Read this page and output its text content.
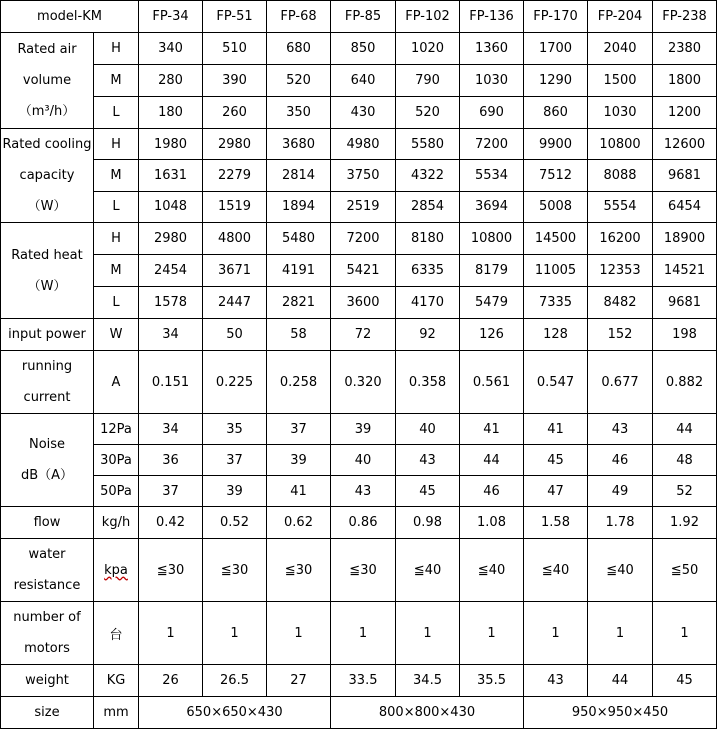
model-KM		FP-34	FP-51	FP-68	FP-85	FP-102	FP-136	FP-170	FP-204	FP-238
Rated air
volume
（m³/h）	H	340	510	680	850	1020	1360	1700	2040	2380
	M	280	390	520	640	790	1030	1290	1500	1800
	L	180	260	350	430	520	690	860	1030	1200
Rated cooling
capacity
（W）	H	1980	2980	3680	4980	5580	7200	9900	10800	12600
	M	1631	2279	2814	3750	4322	5534	7512	8088	9681
	L	1048	1519	1894	2519	2854	3694	5008	5554	6454
Rated heat
（W）	H	2980	4800	5480	7200	8180	10800	14500	16200	18900
	M	2454	3671	4191	5421	6335	8179	11005	12353	14521
	L	1578	2447	2821	3600	4170	5479	7335	8482	9681
input power	W	34	50	58	72	92	126	128	152	198
running
current	A	0.151	0.225	0.258	0.320	0.358	0.561	0.547	0.677	0.882
Noise
dB（A）	12Pa	34	35	37	39	40	41	41	43	44
	30Pa	36	37	39	40	43	44	45	46	48
	50Pa	37	39	41	43	45	46	47	49	52
flow	kg/h	0.42	0.52	0.62	0.86	0.98	1.08	1.58	1.78	1.92
water
resistance	kpa	≦30	≦30	≦30	≦30	≦40	≦40	≦40	≦40	≦50
number of
motors	台	1	1	1	1	1	1	1	1	1
weight	KG	26	26.5	27	33.5	34.5	35.5	43	44	45
size	mm	650×650×430			800×800×430			950×950×450		
